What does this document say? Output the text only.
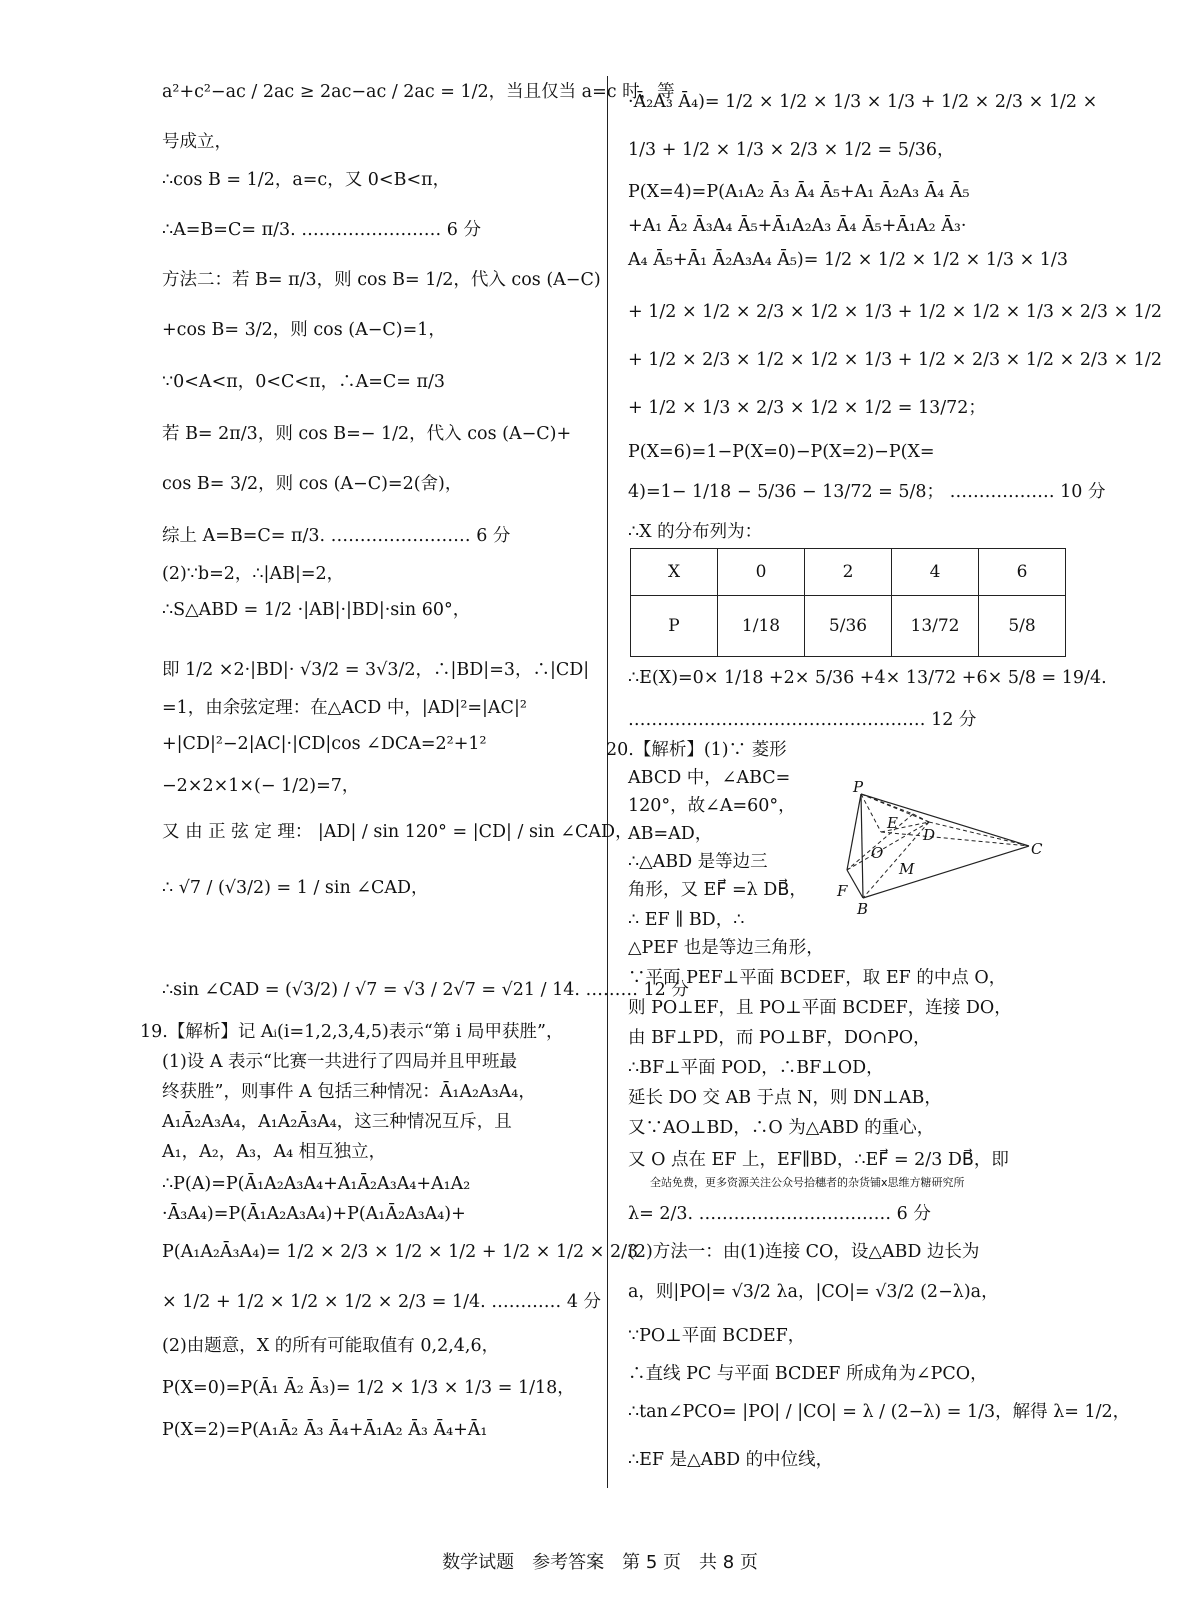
a²+c²−ac / 2ac ≥ 2ac−ac / 2ac = 1/2，当且仅当 a=c 时，等
号成立，
∴cos B = 1/2，a=c，又 0<B<π，
∴A=B=C= π/3. …………………… 6 分
方法二：若 B= π/3，则 cos B= 1/2，代入 cos (A−C)
+cos B= 3/2，则 cos (A−C)=1，
∵0<A<π，0<C<π，∴A=C= π/3
若 B= 2π/3，则 cos B=− 1/2，代入 cos (A−C)+
cos B= 3/2，则 cos (A−C)=2(舍)，
综上 A=B=C= π/3. …………………… 6 分
(2)∵b=2，∴|AB|=2，
∴S△ABD = 1/2 ·|AB|·|BD|·sin 60°，
即 1/2 ×2·|BD|· √3/2 = 3√3/2，∴|BD|=3，∴|CD|
=1，由余弦定理：在△ACD 中，|AD|²=|AC|²
+|CD|²−2|AC|·|CD|cos ∠DCA=2²+1²
−2×2×1×(− 1/2)=7，
又 由 正 弦 定 理： |AD| / sin 120° = |CD| / sin ∠CAD，
∴ √7 / (√3/2) = 1 / sin ∠CAD，
∴sin ∠CAD = (√3/2) / √7 = √3 / 2√7 = √21 / 14. ……… 12 分
19.【解析】记 Aᵢ(i=1,2,3,4,5)表示“第 i 局甲获胜”，
(1)设 A 表示“比赛一共进行了四局并且甲班最
终获胜”，则事件 A 包括三种情况：Ā₁A₂A₃A₄，
A₁Ā₂A₃A₄，A₁A₂Ā₃A₄，这三种情况互斥，且
A₁，A₂，A₃，A₄ 相互独立，
∴P(A)=P(Ā₁A₂A₃A₄+A₁Ā₂A₃A₄+A₁A₂
·Ā₃A₄)=P(Ā₁A₂A₃A₄)+P(A₁Ā₂A₃A₄)+
P(A₁A₂Ā₃A₄)= 1/2 × 2/3 × 1/2 × 1/2 + 1/2 × 1/2 × 2/3
× 1/2 + 1/2 × 1/2 × 1/2 × 2/3 = 1/4. ………… 4 分
(2)由题意，X 的所有可能取值有 0,2,4,6，
P(X=0)=P(Ā₁ Ā₂ Ā₃)= 1/2 × 1/3 × 1/3 = 1/18，
P(X=2)=P(A₁Ā₂ Ā₃ Ā₄+Ā₁A₂ Ā₃ Ā₄+Ā₁
·Ā₂A₃ Ā₄)= 1/2 × 1/2 × 1/3 × 1/3 + 1/2 × 2/3 × 1/2 ×
1/3 + 1/2 × 1/3 × 2/3 × 1/2 = 5/36，
P(X=4)=P(A₁A₂ Ā₃ Ā₄ Ā₅+A₁ Ā₂A₃ Ā₄ Ā₅
+A₁ Ā₂ Ā₃A₄ Ā₅+Ā₁A₂A₃ Ā₄ Ā₅+Ā₁A₂ Ā₃·
A₄ Ā₅+Ā₁ Ā₂A₃A₄ Ā₅)= 1/2 × 1/2 × 1/2 × 1/3 × 1/3
+ 1/2 × 1/2 × 2/3 × 1/2 × 1/3 + 1/2 × 1/2 × 1/3 × 2/3 × 1/2
+ 1/2 × 2/3 × 1/2 × 1/2 × 1/3 + 1/2 × 2/3 × 1/2 × 2/3 × 1/2
+ 1/2 × 1/3 × 2/3 × 1/2 × 1/2 = 13/72；
P(X=6)=1−P(X=0)−P(X=2)−P(X=
4)=1− 1/18 − 5/36 − 13/72 = 5/8； ……………… 10 分
∴X 的分布列为：
∴E(X)=0× 1/18 +2× 5/36 +4× 13/72 +6× 5/8 = 19/4.
…………………………………………… 12 分
20.【解析】(1)∵ 菱形
ABCD 中，∠ABC=
120°，故∠A=60°，
AB=AD，
∴△ABD 是等边三
角形，又 EF⃗ =λ DB⃗，
∴ EF ∥ BD，∴
△PEF 也是等边三角形，
∵平面 PEF⊥平面 BCDEF，取 EF 的中点 O，
则 PO⊥EF，且 PO⊥平面 BCDEF，连接 DO，
由 BF⊥PD，而 PO⊥BF，DO∩PO，
∴BF⊥平面 POD，∴BF⊥OD，
延长 DO 交 AB 于点 N，则 DN⊥AB，
又∵AO⊥BD，∴O 为△ABD 的重心，
又 O 点在 EF 上，EF∥BD，∴EF⃗ = 2/3 DB⃗，即
λ= 2/3. …………………………… 6 分
(2)方法一：由(1)连接 CO，设△ABD 边长为
a，则|PO|= √3/2 λa，|CO|= √3/2 (2−λ)a，
∵PO⊥平面 BCDEF，
∴直线 PC 与平面 BCDEF 所成角为∠PCO，
∴tan∠PCO= |PO| / |CO| = λ / (2−λ) = 1/3，解得 λ= 1/2，
∴EF 是△ABD 的中位线，
全站免费，更多资源关注公众号拾穗者的杂货铺x思维方糖研究所
X	0	2	4	6
P	1/18	5/36	13/72	5/8
P
E
D
O
M
C
F
B
数学试题　参考答案　第 5 页　共 8 页
